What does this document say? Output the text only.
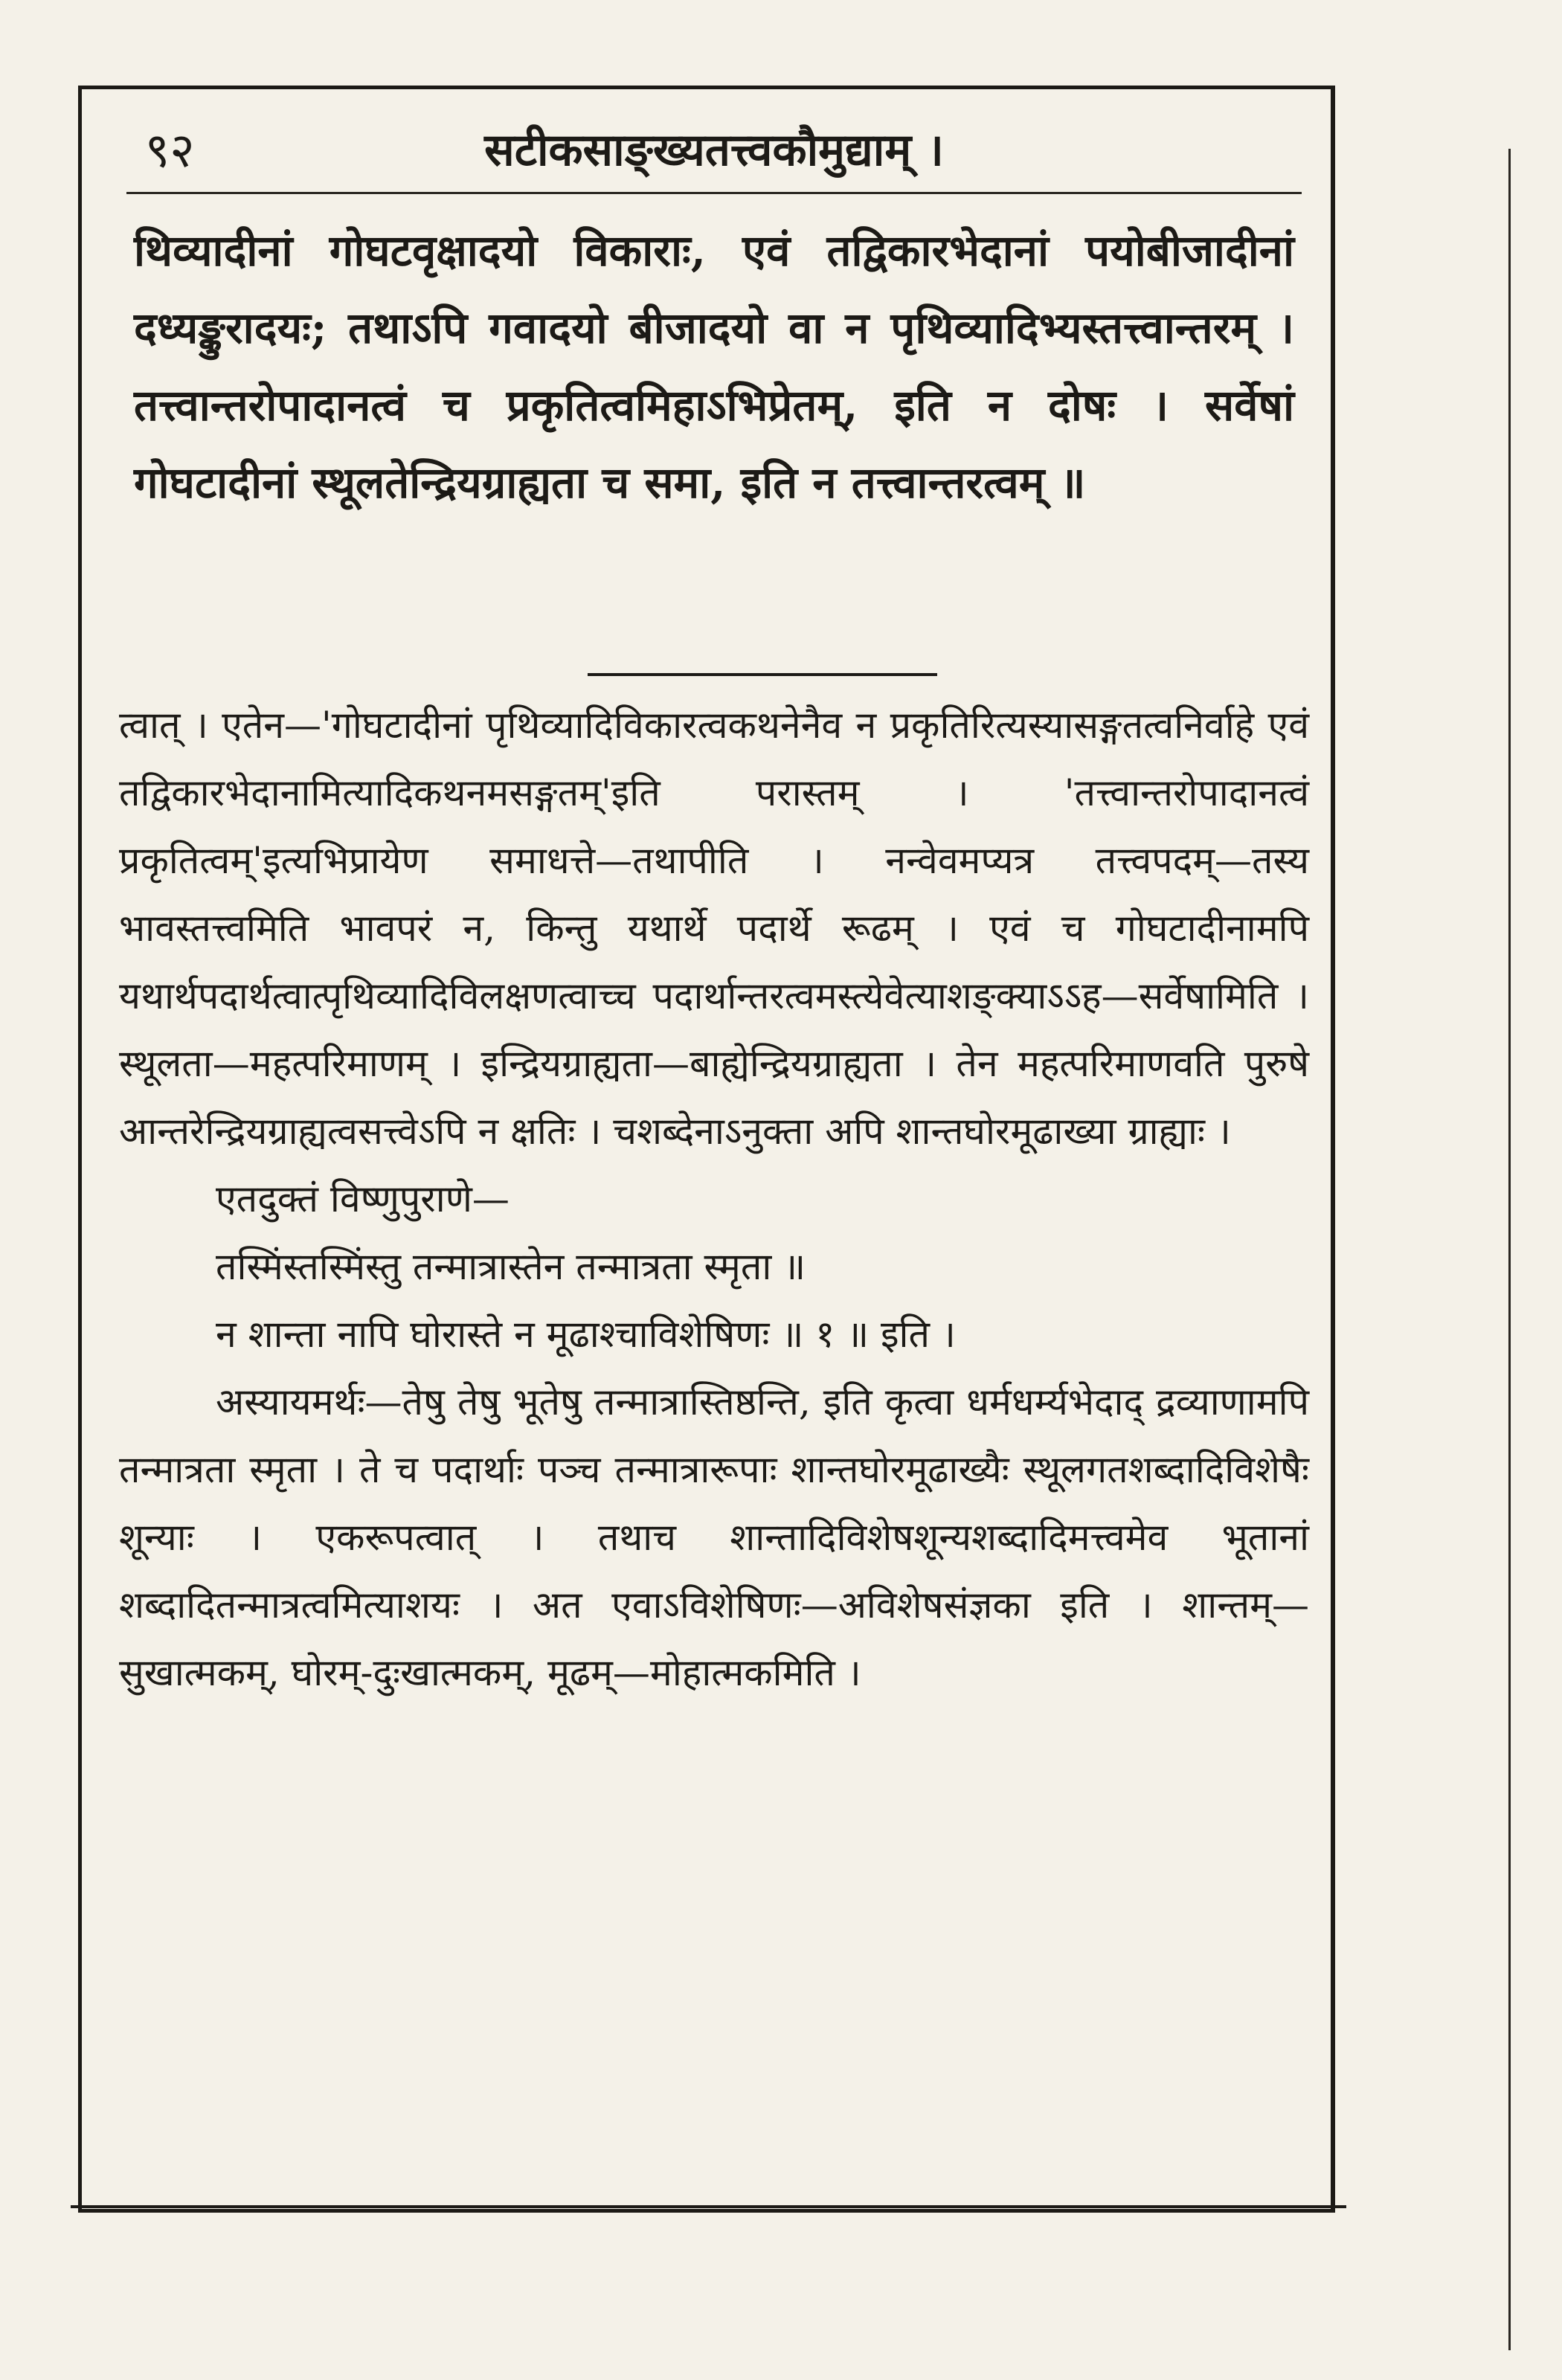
९२	सटीकसाङ्ख्यतत्त्वकौमुद्याम् ।

थिव्यादीनां गोघटवृक्षादयो विकाराः, एवं तद्विकारभेदानां पयोबीजादीनां दध्यङ्कुरादयः; तथाऽपि गवादयो बीजादयो वा न पृथिव्यादिभ्यस्तत्त्वान्तरम् । तत्त्वान्तरोपादानत्वं च प्रकृतित्वमिहाऽभिप्रेतम्, इति न दोषः । सर्वेषां गोघटादीनां स्थूलतेन्द्रियग्राह्यता च समा, इति न तत्त्वान्तरत्वम् ॥

त्वात् । एतेन—'गोघटादीनां पृथिव्यादिविकारत्वकथनेनैव न प्रकृतिरित्यस्यासङ्गतत्वनिर्वाहे एवं तद्विकारभेदानामित्यादिकथनमसङ्गतम्'इति परास्तम् । 'तत्त्वान्तरोपादानत्वं प्रकृतित्वम्'इत्यभिप्रायेण समाधत्ते—तथापीति । नन्वेवमप्यत्र तत्त्वपदम्—तस्य भावस्तत्त्वमिति भावपरं न, किन्तु यथार्थे पदार्थे रूढम् । एवं च गोघटादीनामपि यथार्थपदार्थत्वात्पृथिव्यादिविलक्षणत्वाच्च पदार्थान्तरत्वमस्त्येवेत्याशङ्क्याऽऽह—सर्वेषामिति । स्थूलता—महत्परिमाणम् । इन्द्रियग्राह्यता—बाह्येन्द्रियग्राह्यता । तेन महत्परिमाणवति पुरुषे आन्तरेन्द्रियग्राह्यत्वसत्त्वेऽपि न क्षतिः । चशब्देनाऽनुक्ता अपि शान्तघोरमूढाख्या ग्राह्याः ।

एतदुक्तं विष्णुपुराणे—

तस्मिंस्तस्मिंस्तु तन्मात्रास्तेन तन्मात्रता स्मृता ॥

न शान्ता नापि घोरास्ते न मूढाश्चाविशेषिणः ॥ १ ॥ इति ।

अस्यायमर्थः—तेषु तेषु भूतेषु तन्मात्रास्तिष्ठन्ति, इति कृत्वा धर्मधर्म्यभेदाद् द्रव्याणामपि तन्मात्रता स्मृता । ते च पदार्थाः पञ्च तन्मात्रारूपाः शान्तघोरमूढाख्यैः स्थूलगतशब्दादिविशेषैः शून्याः । एकरूपत्वात् । तथाच शान्तादिविशेषशून्यशब्दादिमत्त्वमेव भूतानां शब्दादितन्मात्रत्वमित्याशयः । अत एवाऽविशेषिणः—अविशेषसंज्ञका इति । शान्तम्—सुखात्मकम्, घोरम्-दुःखात्मकम्, मूढम्—मोहात्मकमिति ।
